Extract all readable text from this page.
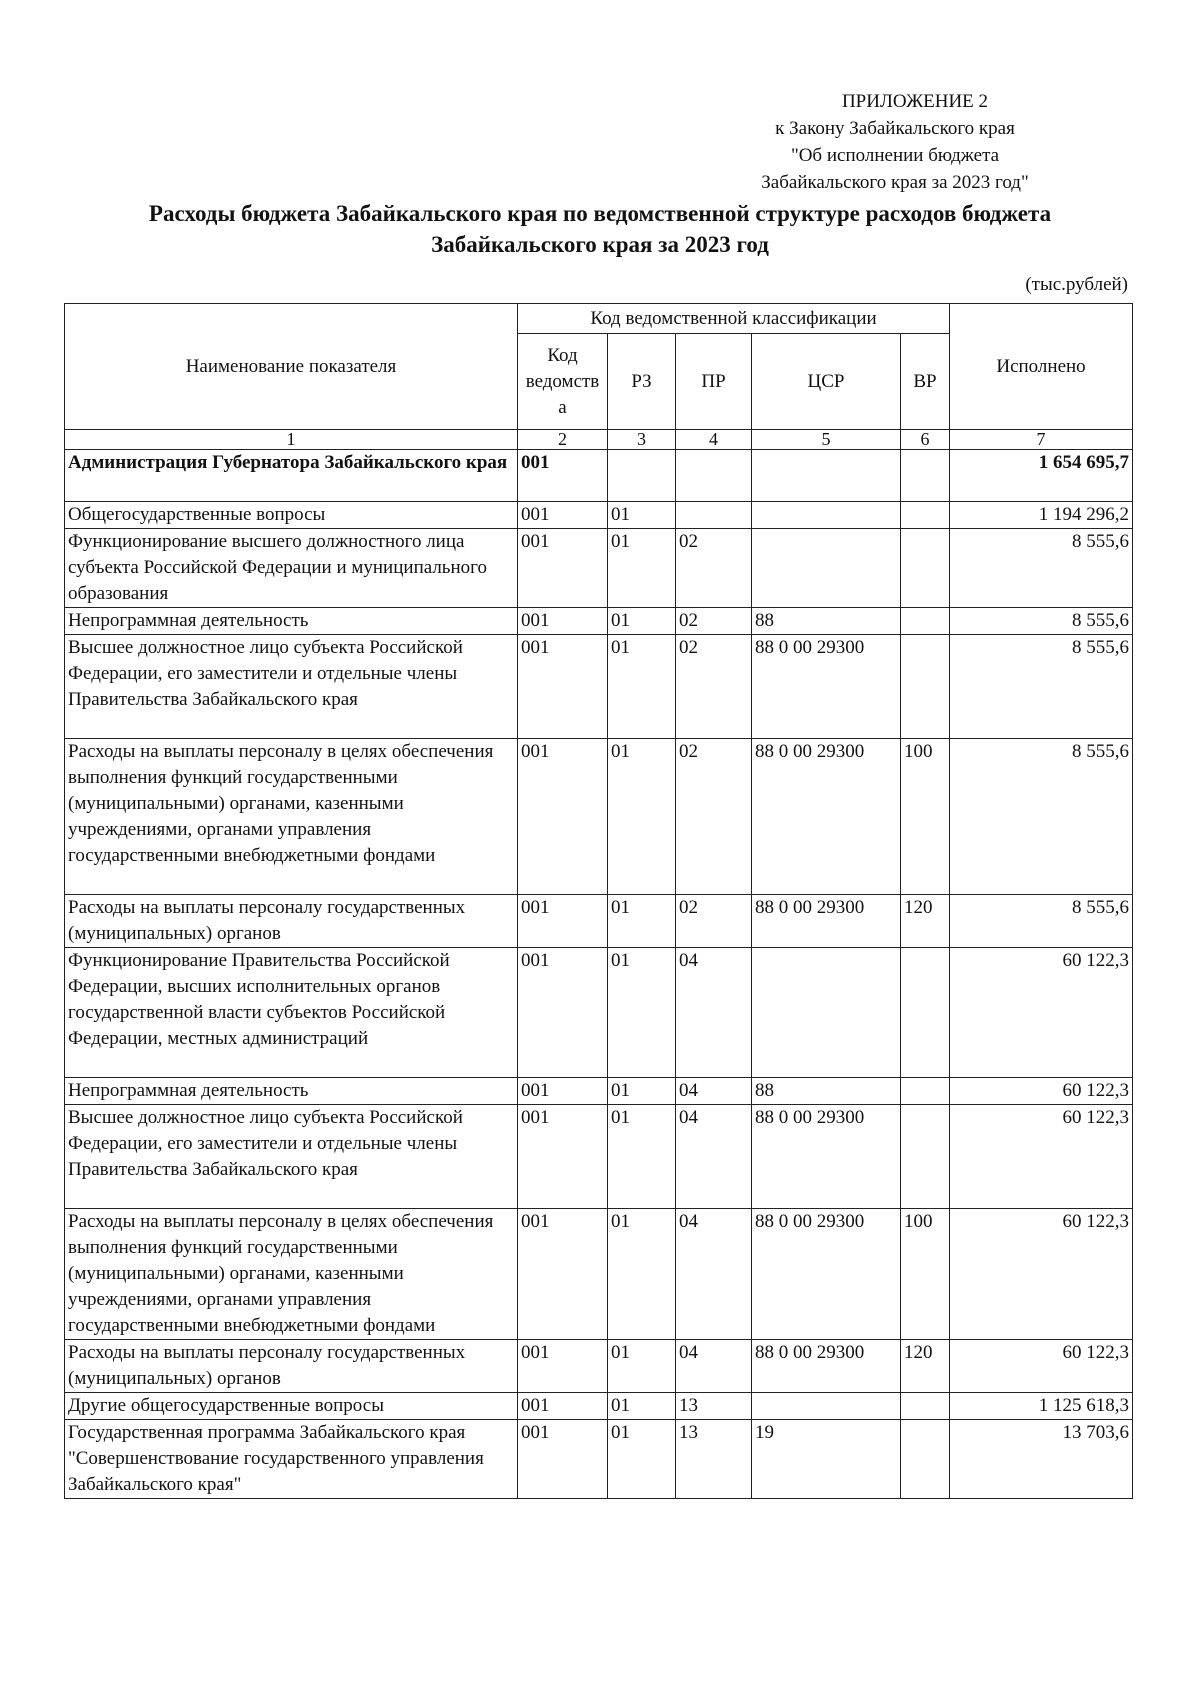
ПРИЛОЖЕНИЕ 2
к Закону Забайкальского края
"Об исполнении бюджета
Забайкальского края за 2023 год"
Расходы бюджета Забайкальского края по ведомственной структуре расходов бюджета
Забайкальского края за 2023 год
(тыс.рублей)
Наименование показателя	Код ведомственной классификации					Исполнено
	Код ведомств а	РЗ	ПР	ЦСР	ВР	
1	2	3	4	5	6	7
Администрация Губернатора Забайкальского края	001					1 654 695,7
Общегосударственные вопросы	001	01				1 194 296,2
Функционирование высшего должностного лица субъекта Российской Федерации и муниципального образования	001	01	02			8 555,6
Непрограммная деятельность	001	01	02	88		8 555,6
Высшее должностное лицо субъекта Российской Федерации, его заместители и отдельные члены Правительства Забайкальского края	001	01	02	88 0 00 29300		8 555,6
Расходы на выплаты персоналу в целях обеспечения выполнения функций государственными (муниципальными) органами, казенными учреждениями, органами управления государственными внебюджетными фондами	001	01	02	88 0 00 29300	100	8 555,6
Расходы на выплаты персоналу государственных (муниципальных) органов	001	01	02	88 0 00 29300	120	8 555,6
Функционирование Правительства Российской Федерации, высших исполнительных органов государственной власти субъектов Российской Федерации, местных администраций	001	01	04			60 122,3
Непрограммная деятельность	001	01	04	88		60 122,3
Высшее должностное лицо субъекта Российской Федерации, его заместители и отдельные члены Правительства Забайкальского края	001	01	04	88 0 00 29300		60 122,3
Расходы на выплаты персоналу в целях обеспечения выполнения функций государственными (муниципальными) органами, казенными учреждениями, органами управления государственными внебюджетными фондами	001	01	04	88 0 00 29300	100	60 122,3
Расходы на выплаты персоналу государственных (муниципальных) органов	001	01	04	88 0 00 29300	120	60 122,3
Другие общегосударственные вопросы	001	01	13			1 125 618,3
Государственная программа Забайкальского края "Совершенствование государственного управления Забайкальского края"	001	01	13	19		13 703,6
